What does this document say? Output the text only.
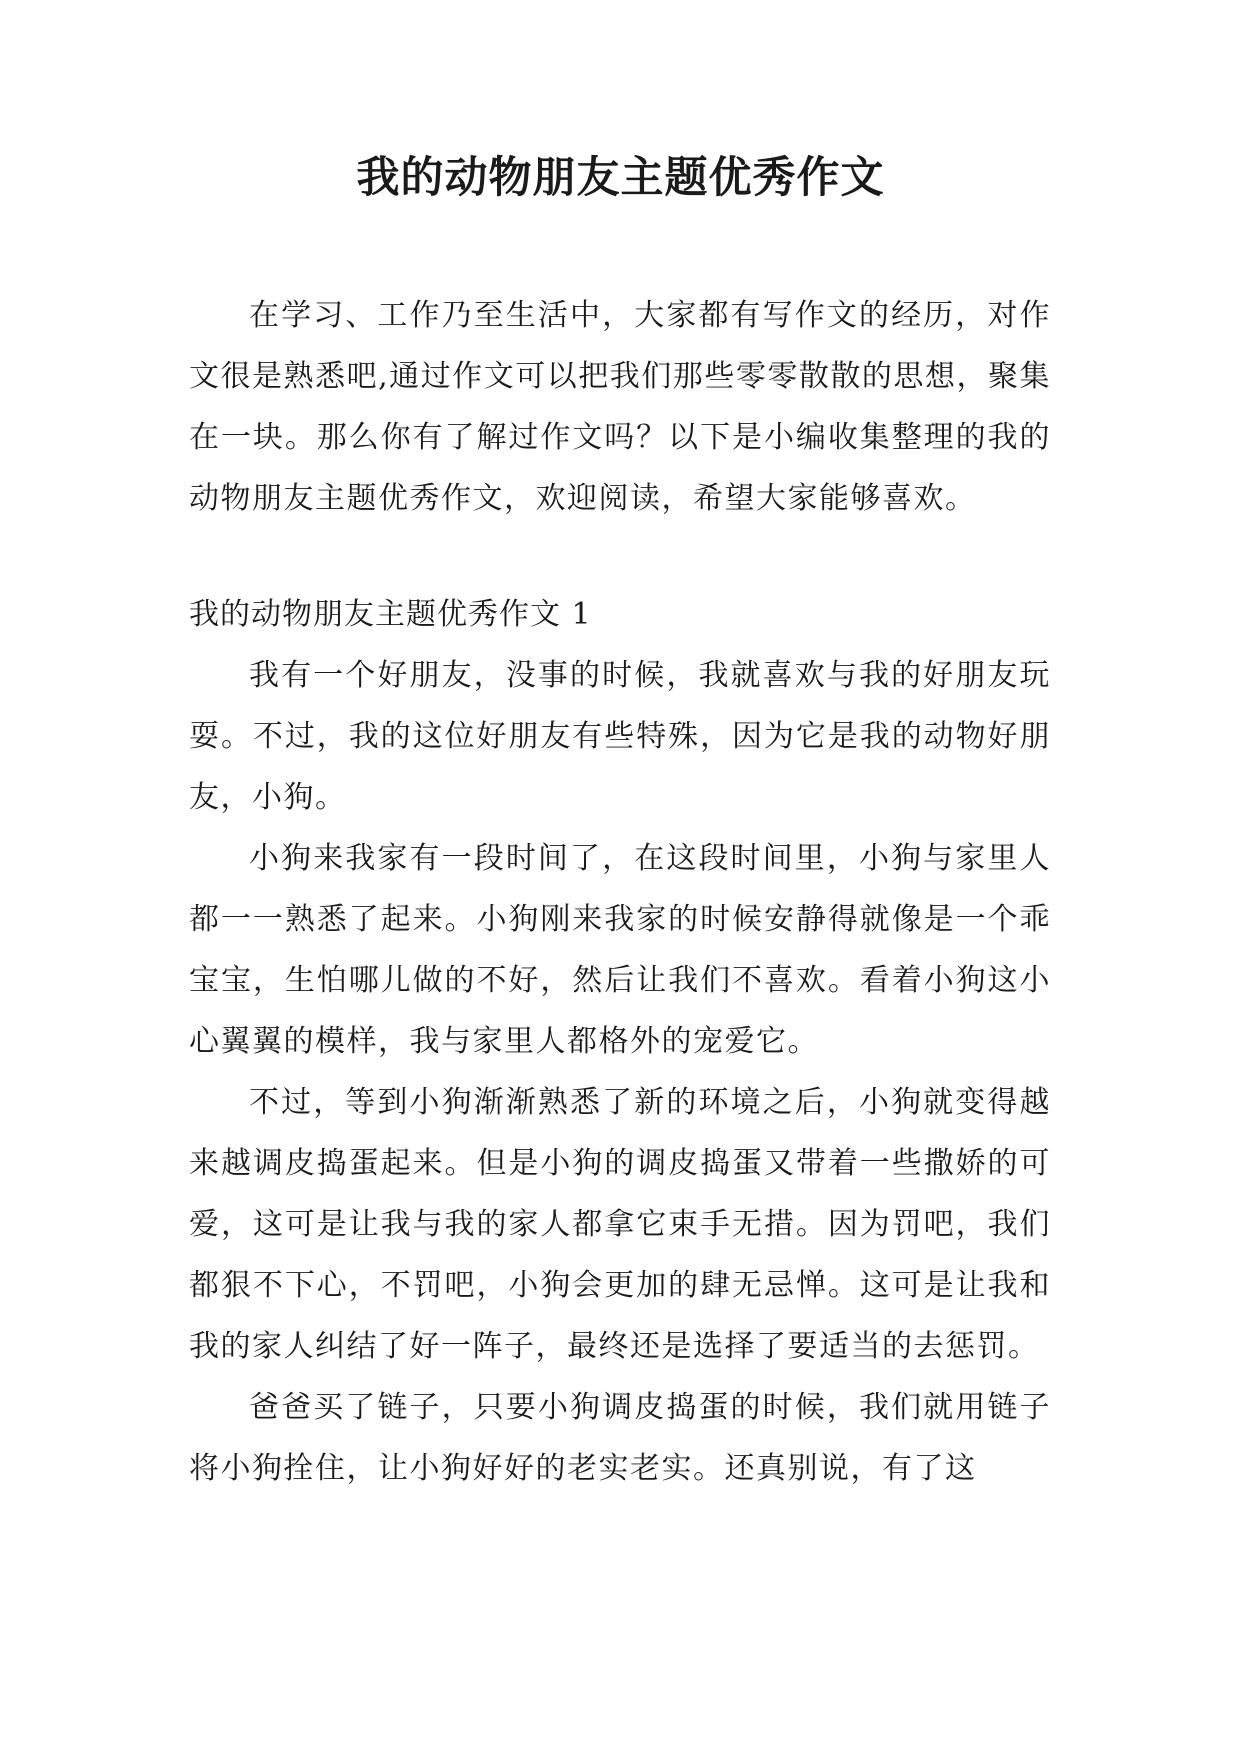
我的动物朋友主题优秀作文

在学习、工作乃至生活中，大家都有写作文的经历，对作文很是熟悉吧,通过作文可以把我们那些零零散散的思想，聚集在一块。那么你有了解过作文吗？以下是小编收集整理的我的动物朋友主题优秀作文，欢迎阅读，希望大家能够喜欢。

我的动物朋友主题优秀作文 1

我有一个好朋友，没事的时候，我就喜欢与我的好朋友玩耍。不过，我的这位好朋友有些特殊，因为它是我的动物好朋友，小狗。

小狗来我家有一段时间了，在这段时间里，小狗与家里人都一一熟悉了起来。小狗刚来我家的时候安静得就像是一个乖宝宝，生怕哪儿做的不好，然后让我们不喜欢。看着小狗这小心翼翼的模样，我与家里人都格外的宠爱它。

不过，等到小狗渐渐熟悉了新的环境之后，小狗就变得越来越调皮捣蛋起来。但是小狗的调皮捣蛋又带着一些撒娇的可爱，这可是让我与我的家人都拿它束手无措。因为罚吧，我们都狠不下心，不罚吧，小狗会更加的肆无忌惮。这可是让我和我的家人纠结了好一阵子，最终还是选择了要适当的去惩罚。

爸爸买了链子，只要小狗调皮捣蛋的时候，我们就用链子将小狗拴住，让小狗好好的老实老实。还真别说，有了这
